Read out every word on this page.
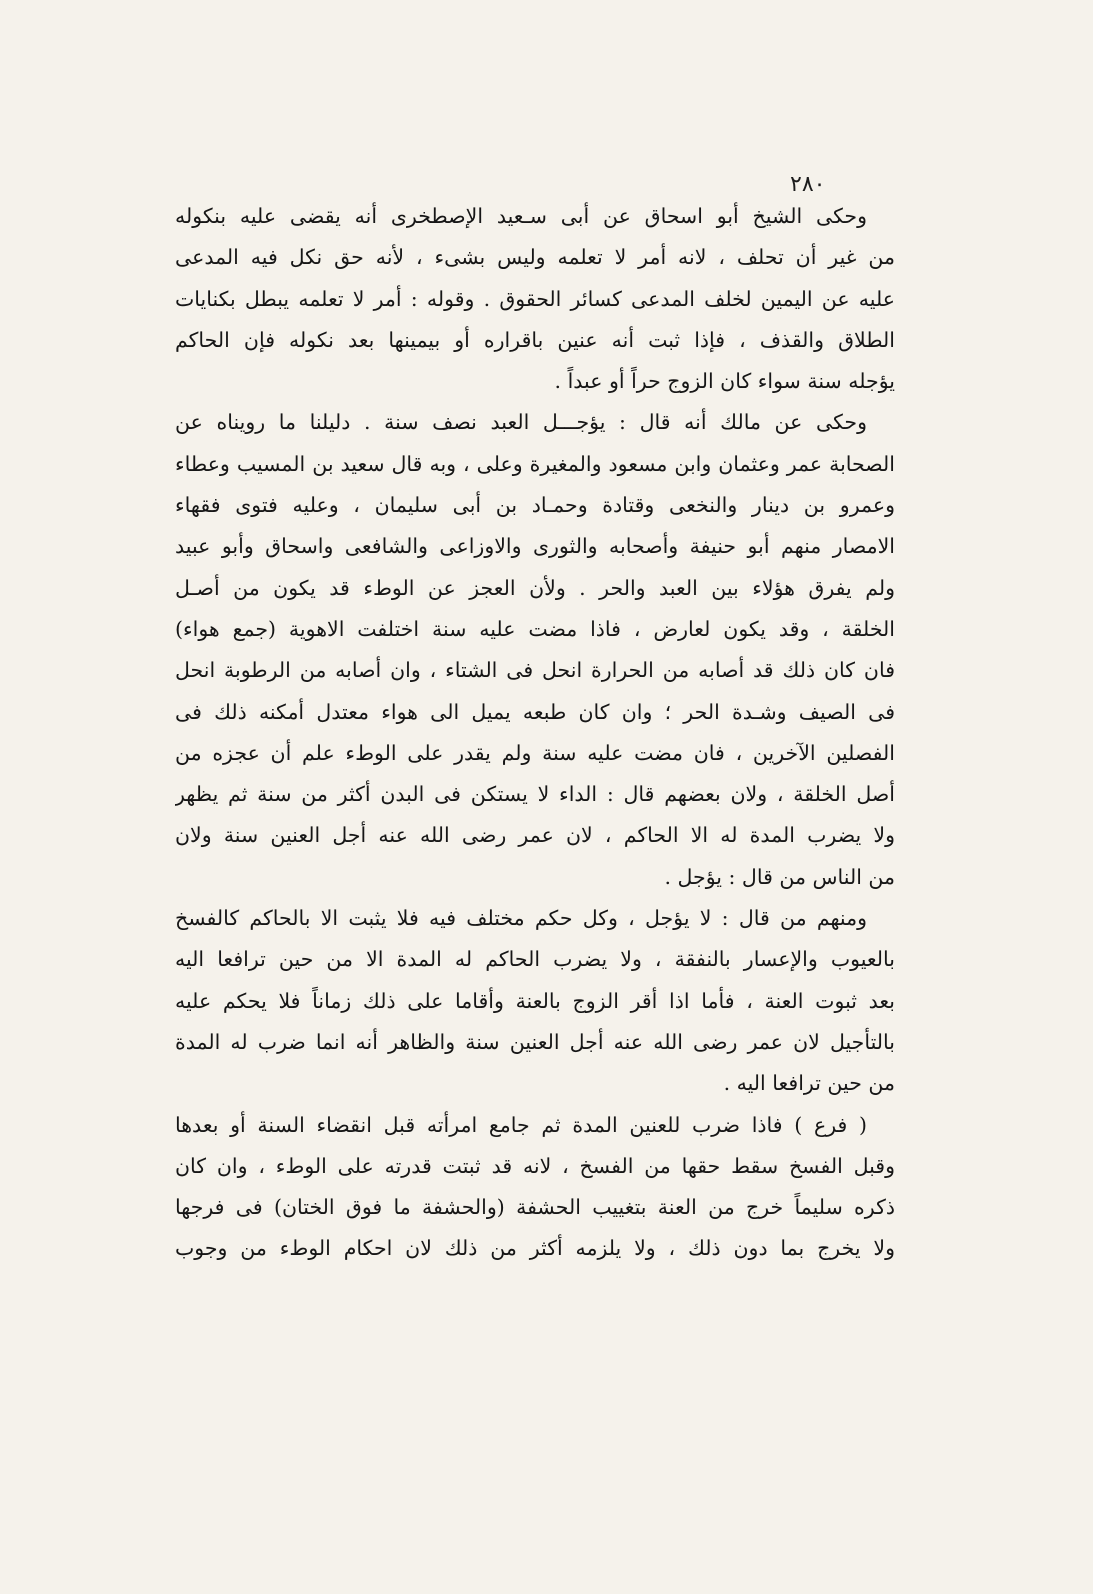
٢٨٠
وحكى الشيخ أبو اسحاق عن أبى سـعيد الإصطخرى أنه يقضى عليه بنكوله
من غير أن تحلف ، لانه أمر لا تعلمه وليس بشىء ، لأنه حق نكل فيه المدعى
عليه عن اليمين لخلف المدعى كسائر الحقوق . وقوله : أمر لا تعلمه يبطل بكنايات
الطلاق والقذف ، فإذا ثبت أنه عنين باقراره أو بيمينها بعد نكوله فإن الحاكم
يؤجله سنة سواء كان الزوج حراً أو عبداً .
وحكى عن مالك أنه قال : يؤجـــل العبد نصف سنة . دليلنا ما رويناه عن
الصحابة عمر وعثمان وابن مسعود والمغيرة وعلى ، وبه قال سعيد بن المسيب وعطاء
وعمرو بن دينار والنخعى وقتادة وحمـاد بن أبى سليمان ، وعليه فتوى فقهاء
الامصار منهم أبو حنيفة وأصحابه والثورى والاوزاعى والشافعى واسحاق وأبو عبيد
ولم يفرق هؤلاء بين العبد والحر . ولأن العجز عن الوطء قد يكون من أصـل
الخلقة ، وقد يكون لعارض ، فاذا مضت عليه سنة اختلفت الاهوية (جمع هواء)
فان كان ذلك قد أصابه من الحرارة انحل فى الشتاء ، وان أصابه من الرطوبة انحل
فى الصيف وشـدة الحر ؛ وان كان طبعه يميل الى هواء معتدل أمكنه ذلك فى
الفصلين الآخرين ، فان مضت عليه سنة ولم يقدر على الوطء علم أن عجزه من
أصل الخلقة ، ولان بعضهم قال : الداء لا يستكن فى البدن أكثر من سنة ثم يظهر
ولا يضرب المدة له الا الحاكم ، لان عمر رضى الله عنه أجل العنين سنة ولان
من الناس من قال : يؤجل .
ومنهم من قال : لا يؤجل ، وكل حكم مختلف فيه فلا يثبت الا بالحاكم كالفسخ
بالعيوب والإعسار بالنفقة ، ولا يضرب الحاكم له المدة الا من حين ترافعا اليه
بعد ثبوت العنة ، فأما اذا أقر الزوج بالعنة وأقاما على ذلك زماناً فلا يحكم عليه
بالتأجيل لان عمر رضى الله عنه أجل العنين سنة والظاهر أنه انما ضرب له المدة
من حين ترافعا اليه .
( فرع ) فاذا ضرب للعنين المدة ثم جامع امرأته قبل انقضاء السنة أو بعدها
وقبل الفسخ سقط حقها من الفسخ ، لانه قد ثبتت قدرته على الوطء ، وان كان
ذكره سليماً خرج من العنة بتغييب الحشفة (والحشفة ما فوق الختان) فى فرجها
ولا يخرج بما دون ذلك ، ولا يلزمه أكثر من ذلك لان احكام الوطء من وجوب
